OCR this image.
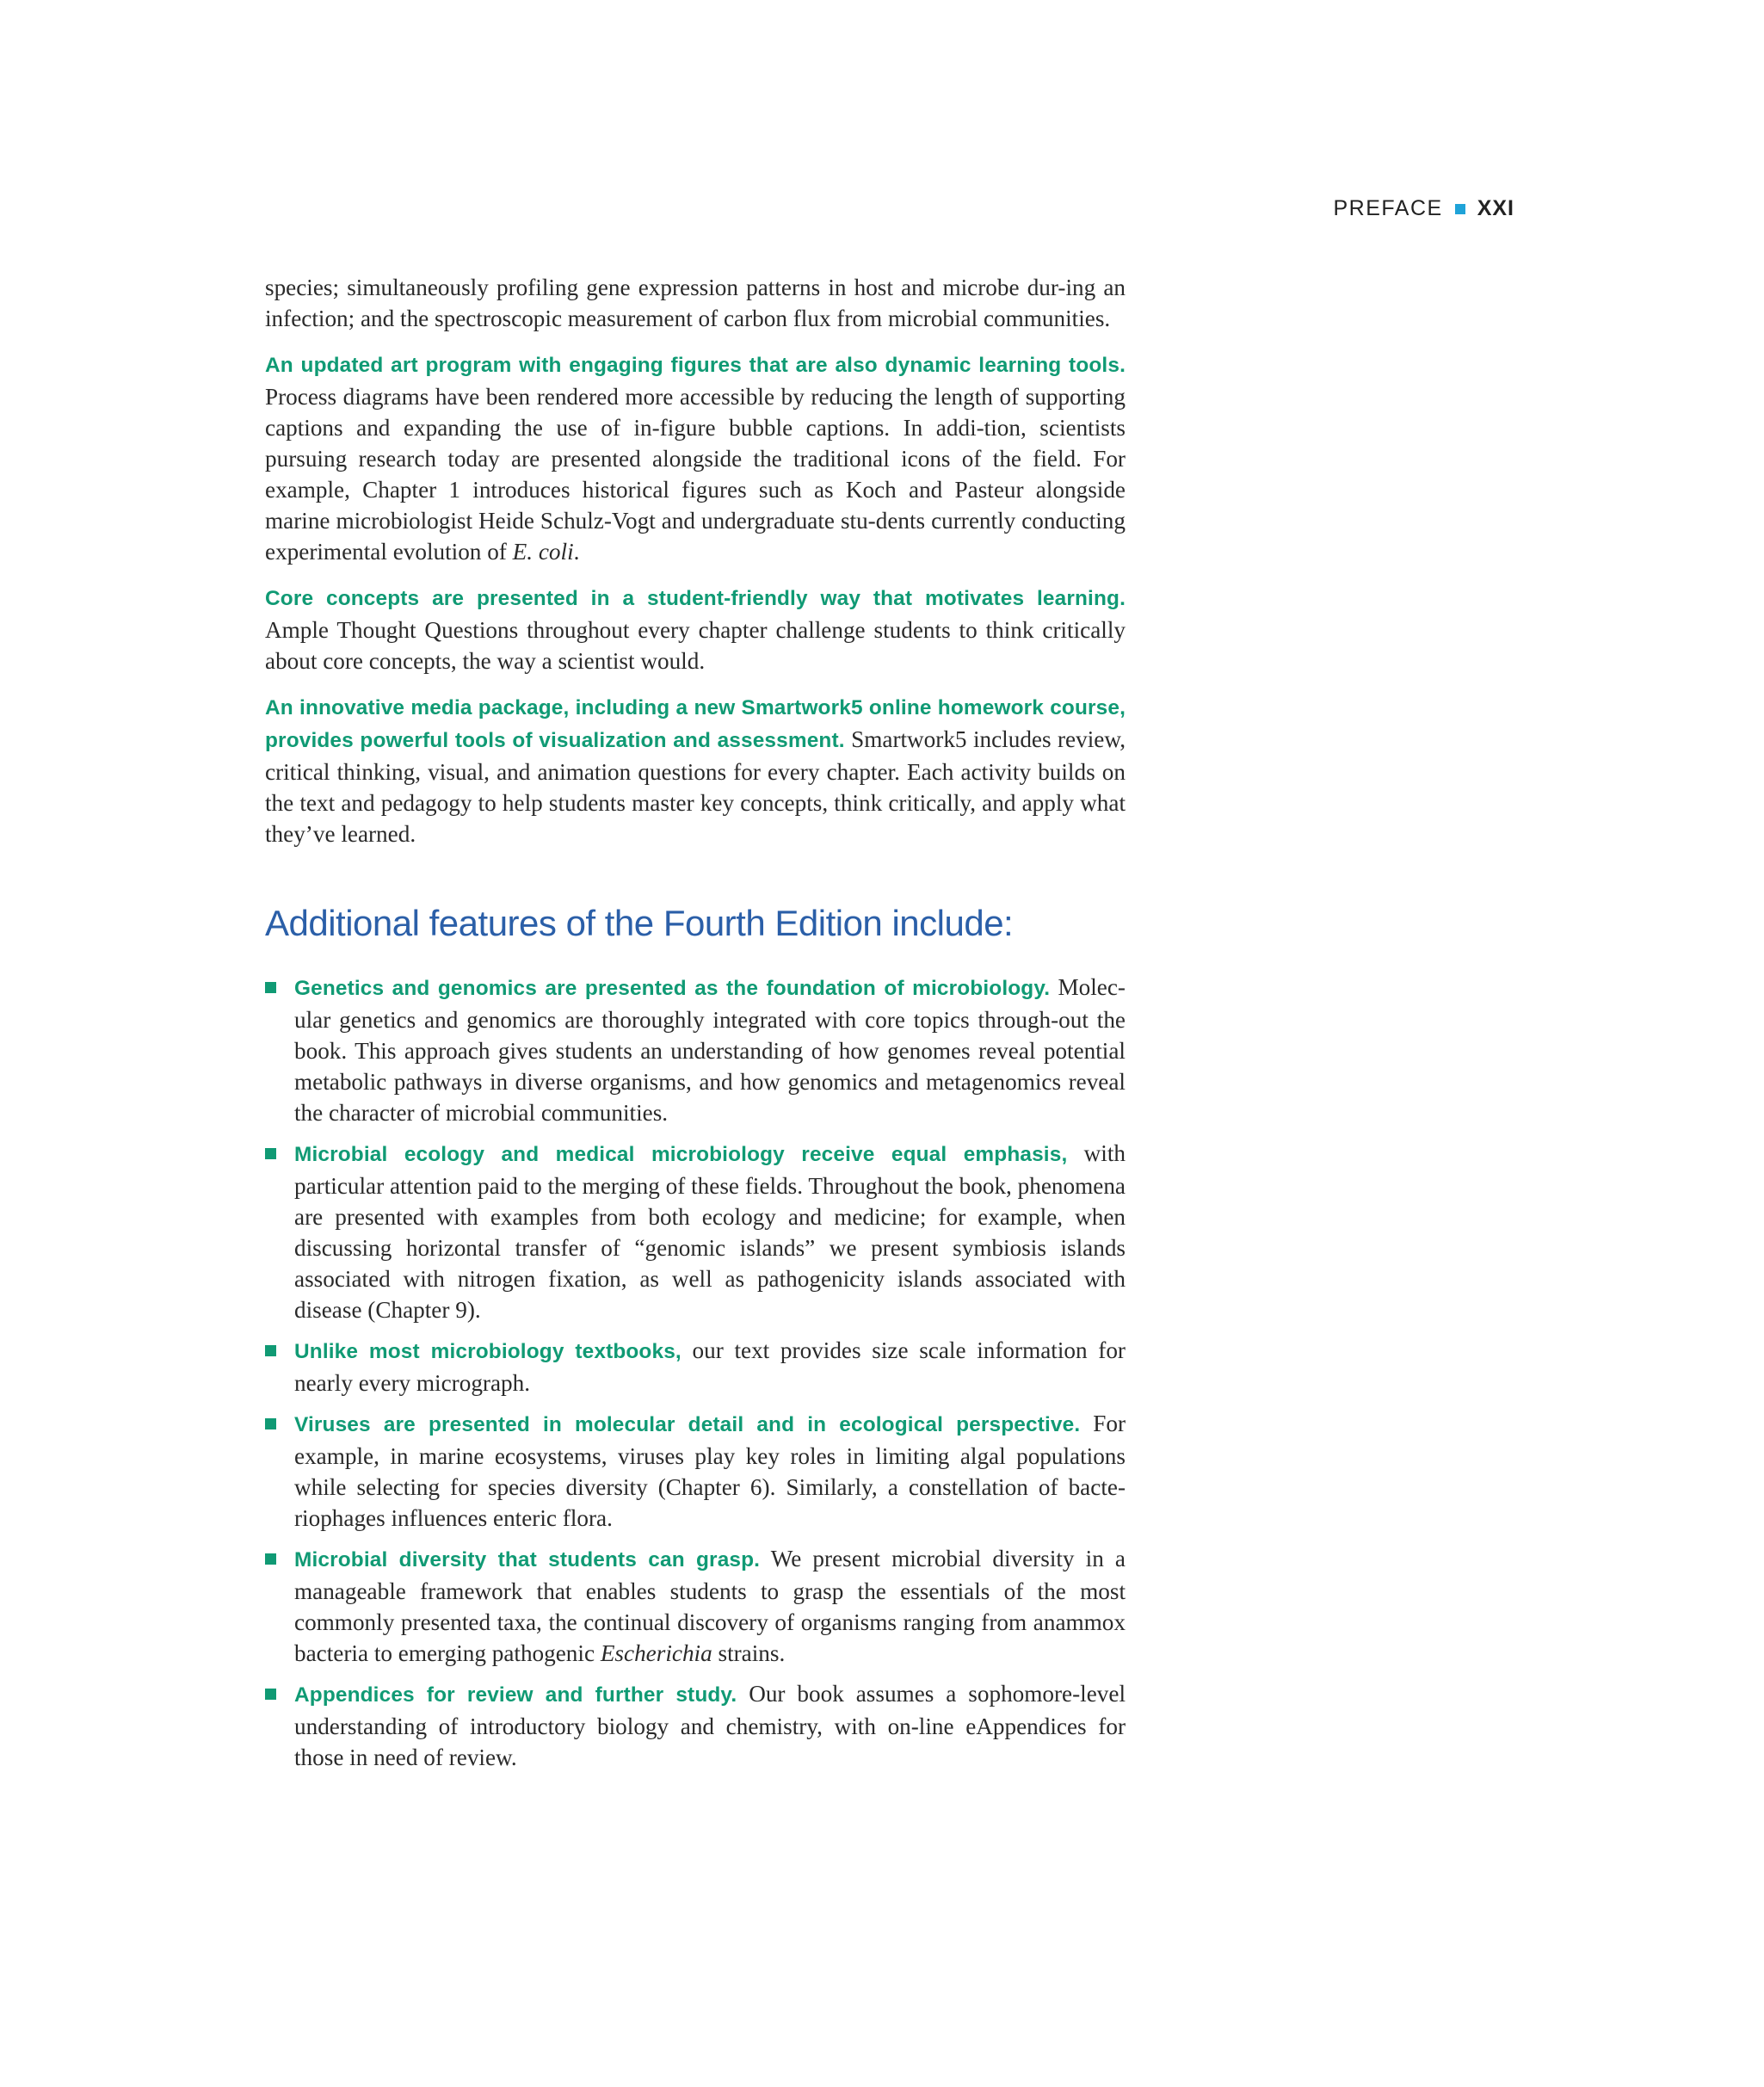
PREFACE XXI

species; simultaneously profiling gene expression patterns in host and microbe dur-ing an infection; and the spectroscopic measurement of carbon flux from microbial communities.

An updated art program with engaging figures that are also dynamic learning tools. Process diagrams have been rendered more accessible by reducing the length of supporting captions and expanding the use of in-figure bubble captions. In addi-tion, scientists pursuing research today are presented alongside the traditional icons of the field. For example, Chapter 1 introduces historical figures such as Koch and Pasteur alongside marine microbiologist Heide Schulz-Vogt and undergraduate stu-dents currently conducting experimental evolution of E. coli.

Core concepts are presented in a student-friendly way that motivates learning. Ample Thought Questions throughout every chapter challenge students to think critically about core concepts, the way a scientist would.

An innovative media package, including a new Smartwork5 online homework course, provides powerful tools of visualization and assessment. Smartwork5 includes review, critical thinking, visual, and animation questions for every chapter. Each activity builds on the text and pedagogy to help students master key concepts, think critically, and apply what they’ve learned.

Additional features of the Fourth Edition include:
Genetics and genomics are presented as the foundation of microbiology. Molec-ular genetics and genomics are thoroughly integrated with core topics through-out the book. This approach gives students an understanding of how genomes reveal potential metabolic pathways in diverse organisms, and how genomics and metagenomics reveal the character of microbial communities.
Microbial ecology and medical microbiology receive equal emphasis, with particular attention paid to the merging of these fields. Throughout the book, phenomena are presented with examples from both ecology and medicine; for example, when discussing horizontal transfer of “genomic islands” we present symbiosis islands associated with nitrogen fixation, as well as pathogenicity islands associated with disease (Chapter 9).
Unlike most microbiology textbooks, our text provides size scale information for nearly every micrograph.
Viruses are presented in molecular detail and in ecological perspective. For example, in marine ecosystems, viruses play key roles in limiting algal populations while selecting for species diversity (Chapter 6). Similarly, a constellation of bacte-riophages influences enteric flora.
Microbial diversity that students can grasp. We present microbial diversity in a manageable framework that enables students to grasp the essentials of the most commonly presented taxa, the continual discovery of organisms ranging from anammox bacteria to emerging pathogenic Escherichia strains.
Appendices for review and further study. Our book assumes a sophomore-level understanding of introductory biology and chemistry, with on-line eAppendices for those in need of review.
